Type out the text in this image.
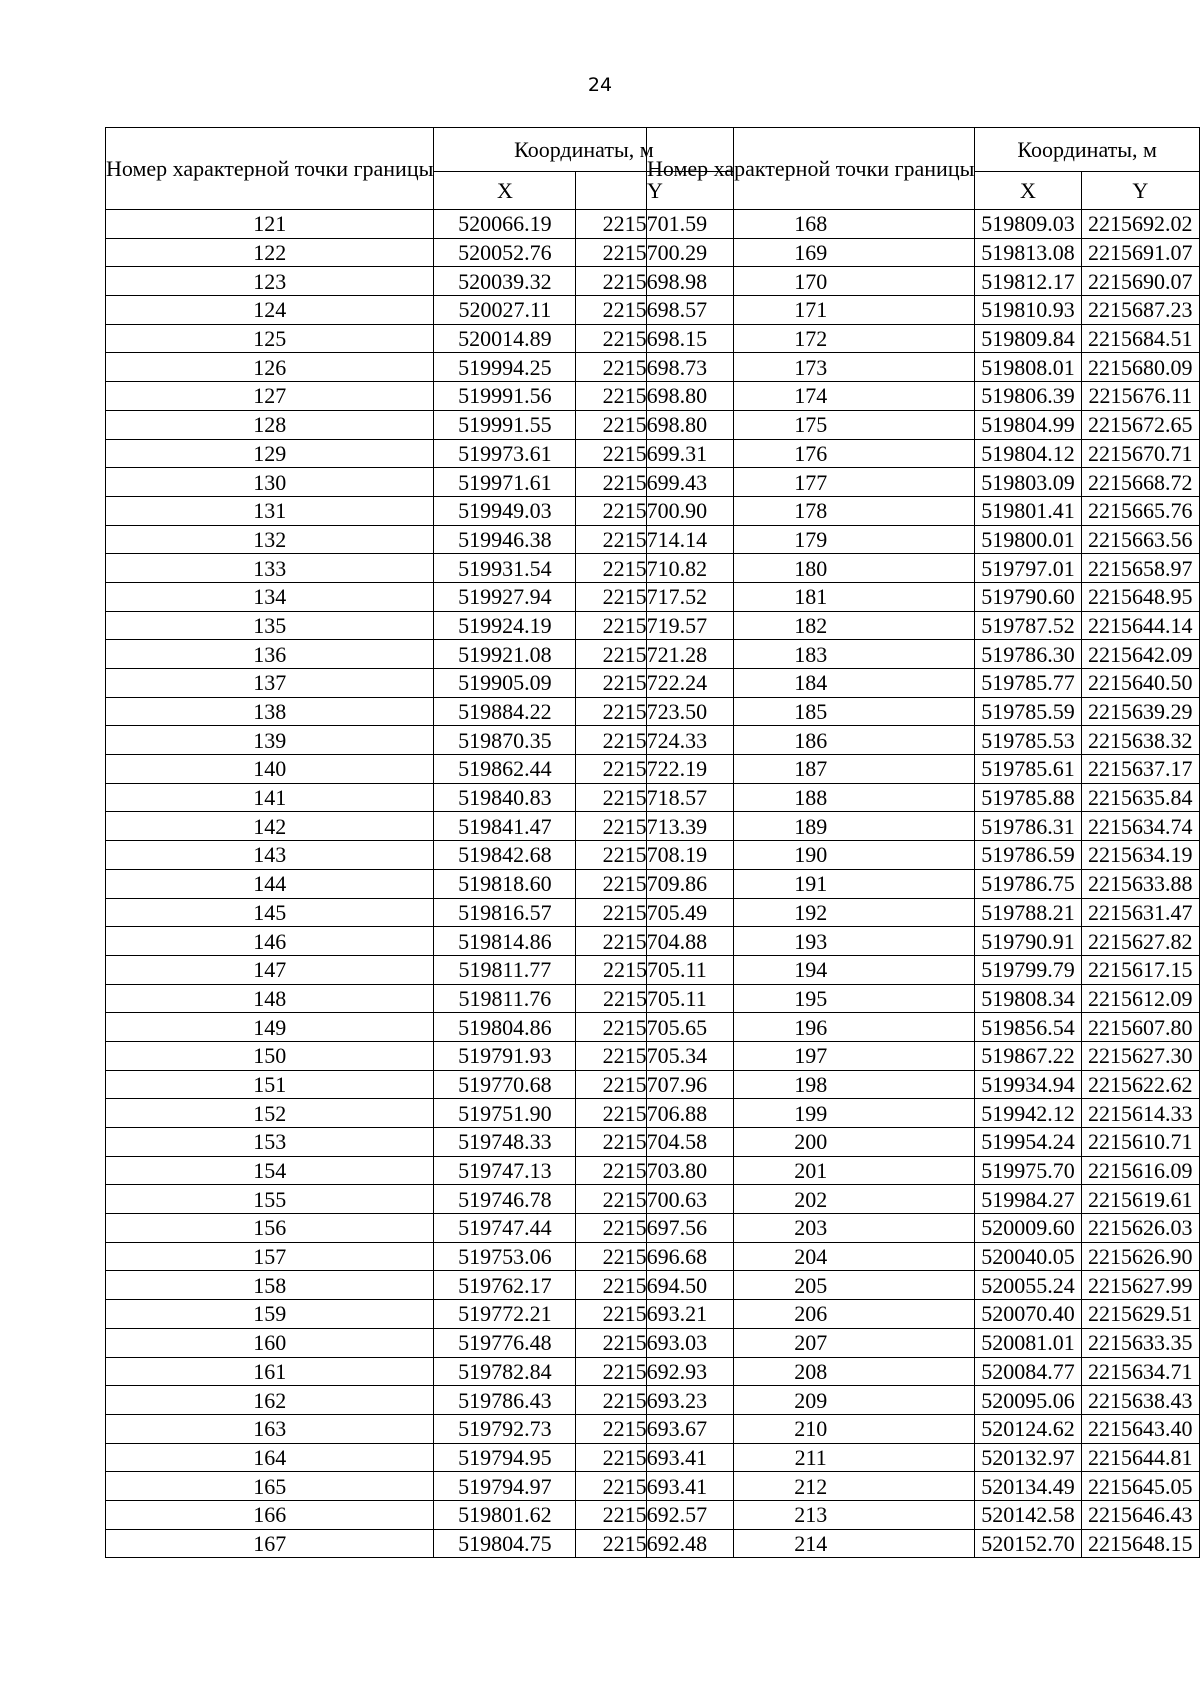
24
Номер характерной точки границы	Координаты, м	
	X	Y
121	520066.19	2215701.59
122	520052.76	2215700.29
123	520039.32	2215698.98
124	520027.11	2215698.57
125	520014.89	2215698.15
126	519994.25	2215698.73
127	519991.56	2215698.80
128	519991.55	2215698.80
129	519973.61	2215699.31
130	519971.61	2215699.43
131	519949.03	2215700.90
132	519946.38	2215714.14
133	519931.54	2215710.82
134	519927.94	2215717.52
135	519924.19	2215719.57
136	519921.08	2215721.28
137	519905.09	2215722.24
138	519884.22	2215723.50
139	519870.35	2215724.33
140	519862.44	2215722.19
141	519840.83	2215718.57
142	519841.47	2215713.39
143	519842.68	2215708.19
144	519818.60	2215709.86
145	519816.57	2215705.49
146	519814.86	2215704.88
147	519811.77	2215705.11
148	519811.76	2215705.11
149	519804.86	2215705.65
150	519791.93	2215705.34
151	519770.68	2215707.96
152	519751.90	2215706.88
153	519748.33	2215704.58
154	519747.13	2215703.80
155	519746.78	2215700.63
156	519747.44	2215697.56
157	519753.06	2215696.68
158	519762.17	2215694.50
159	519772.21	2215693.21
160	519776.48	2215693.03
161	519782.84	2215692.93
162	519786.43	2215693.23
163	519792.73	2215693.67
164	519794.95	2215693.41
165	519794.97	2215693.41
166	519801.62	2215692.57
167	519804.75	2215692.48
Номер характерной точки границы	Координаты, м	
	X	Y
168	519809.03	2215692.02
169	519813.08	2215691.07
170	519812.17	2215690.07
171	519810.93	2215687.23
172	519809.84	2215684.51
173	519808.01	2215680.09
174	519806.39	2215676.11
175	519804.99	2215672.65
176	519804.12	2215670.71
177	519803.09	2215668.72
178	519801.41	2215665.76
179	519800.01	2215663.56
180	519797.01	2215658.97
181	519790.60	2215648.95
182	519787.52	2215644.14
183	519786.30	2215642.09
184	519785.77	2215640.50
185	519785.59	2215639.29
186	519785.53	2215638.32
187	519785.61	2215637.17
188	519785.88	2215635.84
189	519786.31	2215634.74
190	519786.59	2215634.19
191	519786.75	2215633.88
192	519788.21	2215631.47
193	519790.91	2215627.82
194	519799.79	2215617.15
195	519808.34	2215612.09
196	519856.54	2215607.80
197	519867.22	2215627.30
198	519934.94	2215622.62
199	519942.12	2215614.33
200	519954.24	2215610.71
201	519975.70	2215616.09
202	519984.27	2215619.61
203	520009.60	2215626.03
204	520040.05	2215626.90
205	520055.24	2215627.99
206	520070.40	2215629.51
207	520081.01	2215633.35
208	520084.77	2215634.71
209	520095.06	2215638.43
210	520124.62	2215643.40
211	520132.97	2215644.81
212	520134.49	2215645.05
213	520142.58	2215646.43
214	520152.70	2215648.15
